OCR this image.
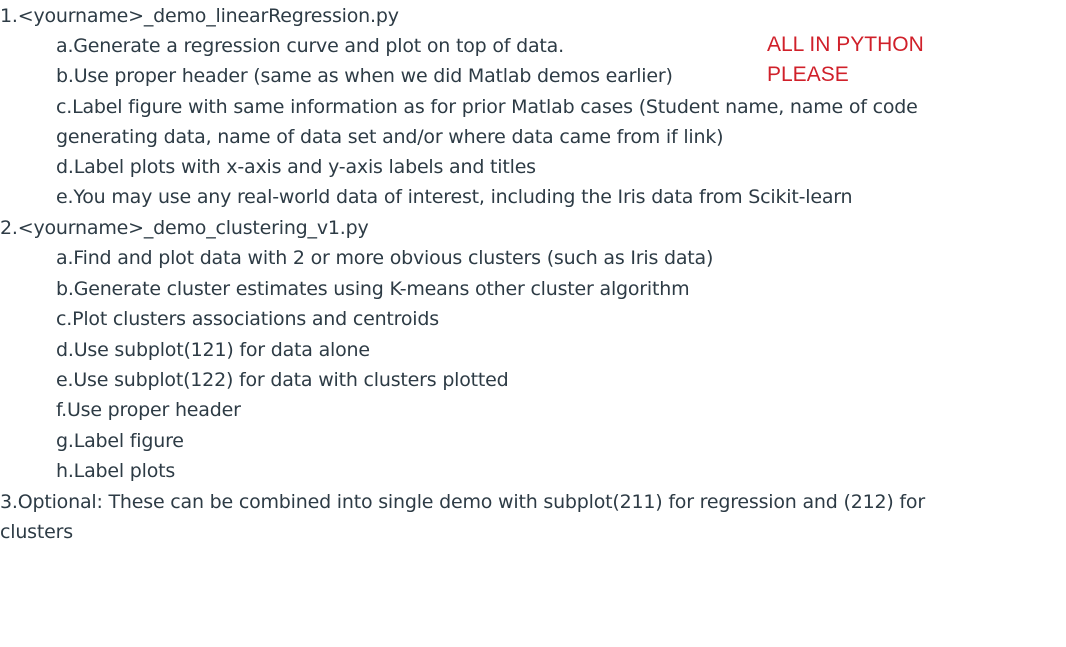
1.<yourname>_demo_linearRegression.py
a.Generate a regression curve and plot on top of data.
b.Use proper header (same as when we did Matlab demos earlier)
c.Label figure with same information as for prior Matlab cases (Student name, name of code
generating data, name of data set and/or where data came from if link)
d.Label plots with x-axis and y-axis labels and titles
e.You may use any real-world data of interest, including the Iris data from Scikit-learn
2.<yourname>_demo_clustering_v1.py
a.Find and plot data with 2 or more obvious clusters (such as Iris data)
b.Generate cluster estimates using K-means other cluster algorithm
c.Plot clusters associations and centroids
d.Use subplot(121) for data alone
e.Use subplot(122) for data with clusters plotted
f.Use proper header
g.Label figure
h.Label plots
3.Optional: These can be combined into single demo with subplot(211) for regression and (212) for
clusters
ALL IN PYTHON
PLEASE
